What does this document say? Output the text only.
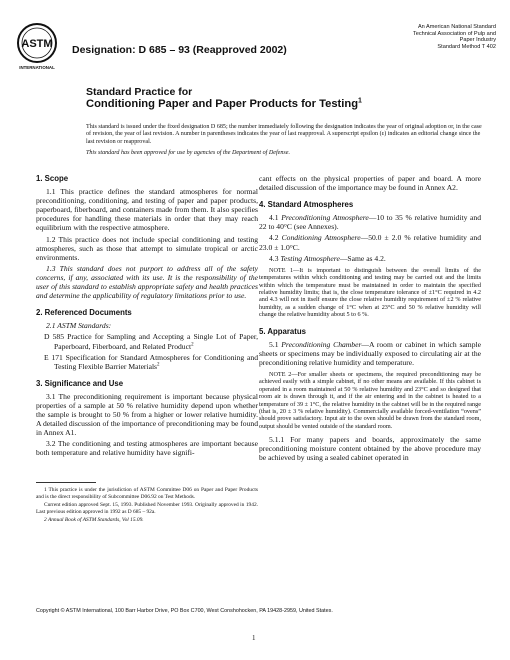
ASTM
INTERNATIONAL
Designation: D 685 – 93 (Reapproved 2002)
An American National Standard
Technical Association of Pulp and
Paper Industry
Standard Method T 402
Standard Practice for
Conditioning Paper and Paper Products for Testing$^1$

This standard is issued under the fixed designation D 685; the number immediately following the designation indicates the year of original adoption or, in the case of revision, the year of last revision. A number in parentheses indicates the year of last reapproval. A superscript epsilon (ε) indicates an editorial change since the last revision or reapproval.

This standard has been approved for use by agencies of the Department of Defense.

1. Scope

1.1 This practice defines the standard atmospheres for normal preconditioning, conditioning, and testing of paper and paper products, paperboard, fiberboard, and containers made from them. It also specifies procedures for handling these materials in order that they may reach equilibrium with the respective atmosphere.

1.2 This practice does not include special conditioning and testing atmospheres, such as those that attempt to simulate tropical or arctic environments.

1.3 This standard does not purport to address all of the safety concerns, if any, associated with its use. It is the responsibility of the user of this standard to establish appropriate safety and health practices and determine the applicability of regulatory limitations prior to use.

2. Referenced Documents

2.1 ASTM Standards:

D 585 Practice for Sampling and Accepting a Single Lot of Paper, Paperboard, Fiberboard, and Related Product$^2$

E 171 Specification for Standard Atmospheres for Conditioning and Testing Flexible Barrier Materials$^2$

3. Significance and Use

3.1 The preconditioning requirement is important because physical properties of a sample at 50 % relative humidity depend upon whether the sample is brought to 50 % from a higher or lower relative humidity. A detailed discussion of the importance of preconditioning may be found in Annex A1.

3.2 The conditioning and testing atmospheres are important because both temperature and relative humidity have signifi-

cant effects on the physical properties of paper and board. A more detailed discussion of the importance may be found in Annex A2.

4. Standard Atmospheres

4.1 Preconditioning Atmosphere—10 to 35 % relative humidity and 22 to 40°C (see Annexes).

4.2 Conditioning Atmosphere—50.0 ± 2.0 % relative humidity and 23.0 ± 1.0°C.

4.3 Testing Atmosphere—Same as 4.2.

NOTE 1—It is important to distinguish between the overall limits of the temperatures within which conditioning and testing may be carried out and the limits within which the temperature must be maintained in order to maintain the specified relative humidity limits; that is, the close temperature tolerance of ±1°C required in 4.2 and 4.3 will not in itself ensure the close relative humidity requirement of ±2 % relative humidity, as a sudden change of 1°C when at 23°C and 50 % relative humidity will change the relative humidity about 5 to 6 %.

5. Apparatus

5.1 Preconditioning Chamber—A room or cabinet in which sample sheets or specimens may be individually exposed to circulating air at the preconditioning relative humidity and temperature.

NOTE 2—For smaller sheets or specimens, the required preconditioning may be achieved easily with a simple cabinet, if no other means are available. If this cabinet is operated in a room maintained at 50 % relative humidity and 23°C and so designed that room air is drawn through it, and if the air entering and in the cabinet is heated to a temperature of 39 ± 1°C, the relative humidity in the cabinet will be in the required range (that is, 20 ± 3 % relative humidity). Commercially available forced-ventilation “ovens” should prove satisfactory. Input air to the oven should be drawn from the standard room, output should be vented outside of the standard room.

5.1.1 For many papers and boards, approximately the same preconditioning moisture content obtained by the above procedure may be achieved by using a sealed cabinet operated in

1 This practice is under the jurisdiction of ASTM Committee D06 on Paper and Paper Products and is the direct responsibility of Subcommittee D06.92 on Test Methods.

Current edition approved Sept. 15, 1993. Published November 1993. Originally approved in 1942. Last previous edition approved in 1992 as D 685 – 92a.

2 Annual Book of ASTM Standards, Vol 15.09.

Copyright © ASTM International, 100 Barr Harbor Drive, PO Box C700, West Conshohocken, PA 19428-2959, United States.
1
